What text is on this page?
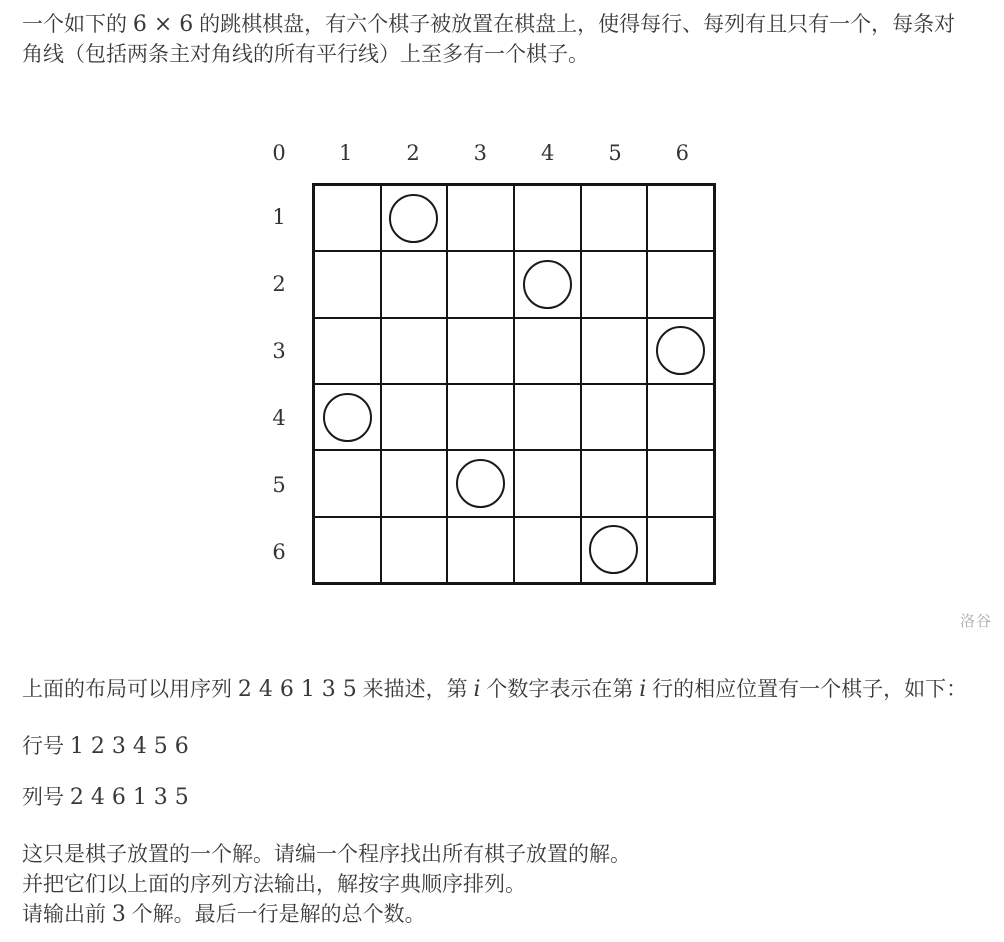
一个如下的 6 × 6 的跳棋棋盘，有六个棋子被放置在棋盘上，使得每行、每列有且只有一个，每条对
角线（包括两条主对角线的所有平行线）上至多有一个棋子。

洛谷
0	1	2	3	4	5	6
1
2
3
4
5
6

上面的布局可以用序列 2 4 6 1 3 5 来描述，第 i 个数字表示在第 i 行的相应位置有一个棋子，如下：

行号 1 2 3 4 5 6

列号 2 4 6 1 3 5

这只是棋子放置的一个解。请编一个程序找出所有棋子放置的解。
并把它们以上面的序列方法输出，解按字典顺序排列。
请输出前 3 个解。最后一行是解的总个数。
